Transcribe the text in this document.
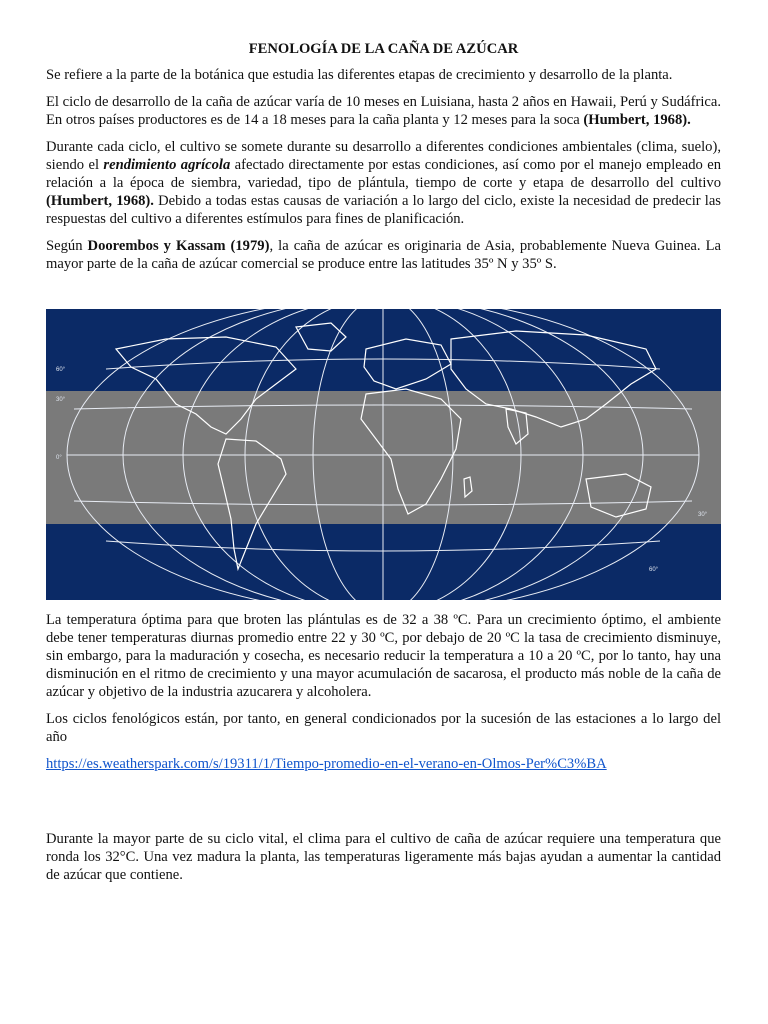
FENOLOGÍA DE LA CAÑA DE AZÚCAR

Se refiere a la parte de la botánica que estudia las diferentes etapas de crecimiento y desarrollo de la planta.

El ciclo de desarrollo de la caña de azúcar varía de 10 meses en Luisiana, hasta 2 años en Hawaii, Perú y Sudáfrica. En otros países productores es de 14 a 18 meses para la caña planta y 12 meses para la soca (Humbert, 1968).

Durante cada ciclo, el cultivo se somete durante su desarrollo a diferentes condiciones ambientales (clima, suelo), siendo el rendimiento agrícola afectado directamente por estas condiciones, así como por el manejo empleado en relación a la época de siembra, variedad, tipo de plántula, tiempo de corte y etapa de desarrollo del cultivo (Humbert, 1968). Debido a todas estas causas de variación a lo largo del ciclo, existe la necesidad de predecir las respuestas del cultivo a diferentes estímulos para fines de planificación.

Según Doorembos y Kassam (1979), la caña de azúcar es originaria de Asia, probablemente Nueva Guinea. La mayor parte de la caña de azúcar comercial se produce entre las latitudes 35º N y 35º S.

60°
30°
0°
30°
60°

La temperatura óptima para que broten las plántulas es de 32 a 38 ºC. Para un crecimiento óptimo, el ambiente debe tener temperaturas diurnas promedio entre 22 y 30 ºC, por debajo de 20 ºC la tasa de crecimiento disminuye, sin embargo, para la maduración y cosecha, es necesario reducir la temperatura a 10 a 20 ºC, por lo tanto, hay una disminución en el ritmo de crecimiento y una mayor acumulación de sacarosa, el producto más noble de la caña de azúcar y objetivo de la industria azucarera y alcoholera.

Los ciclos fenológicos están, por tanto, en general condicionados por la sucesión de las estaciones a lo largo del año

https://es.weatherspark.com/s/19311/1/Tiempo-promedio-en-el-verano-en-Olmos-Per%C3%BA

Durante la mayor parte de su ciclo vital, el clima para el cultivo de caña de azúcar requiere una temperatura que ronda los 32°C. Una vez madura la planta, las temperaturas ligeramente más bajas ayudan a aumentar la cantidad de azúcar que contiene.
